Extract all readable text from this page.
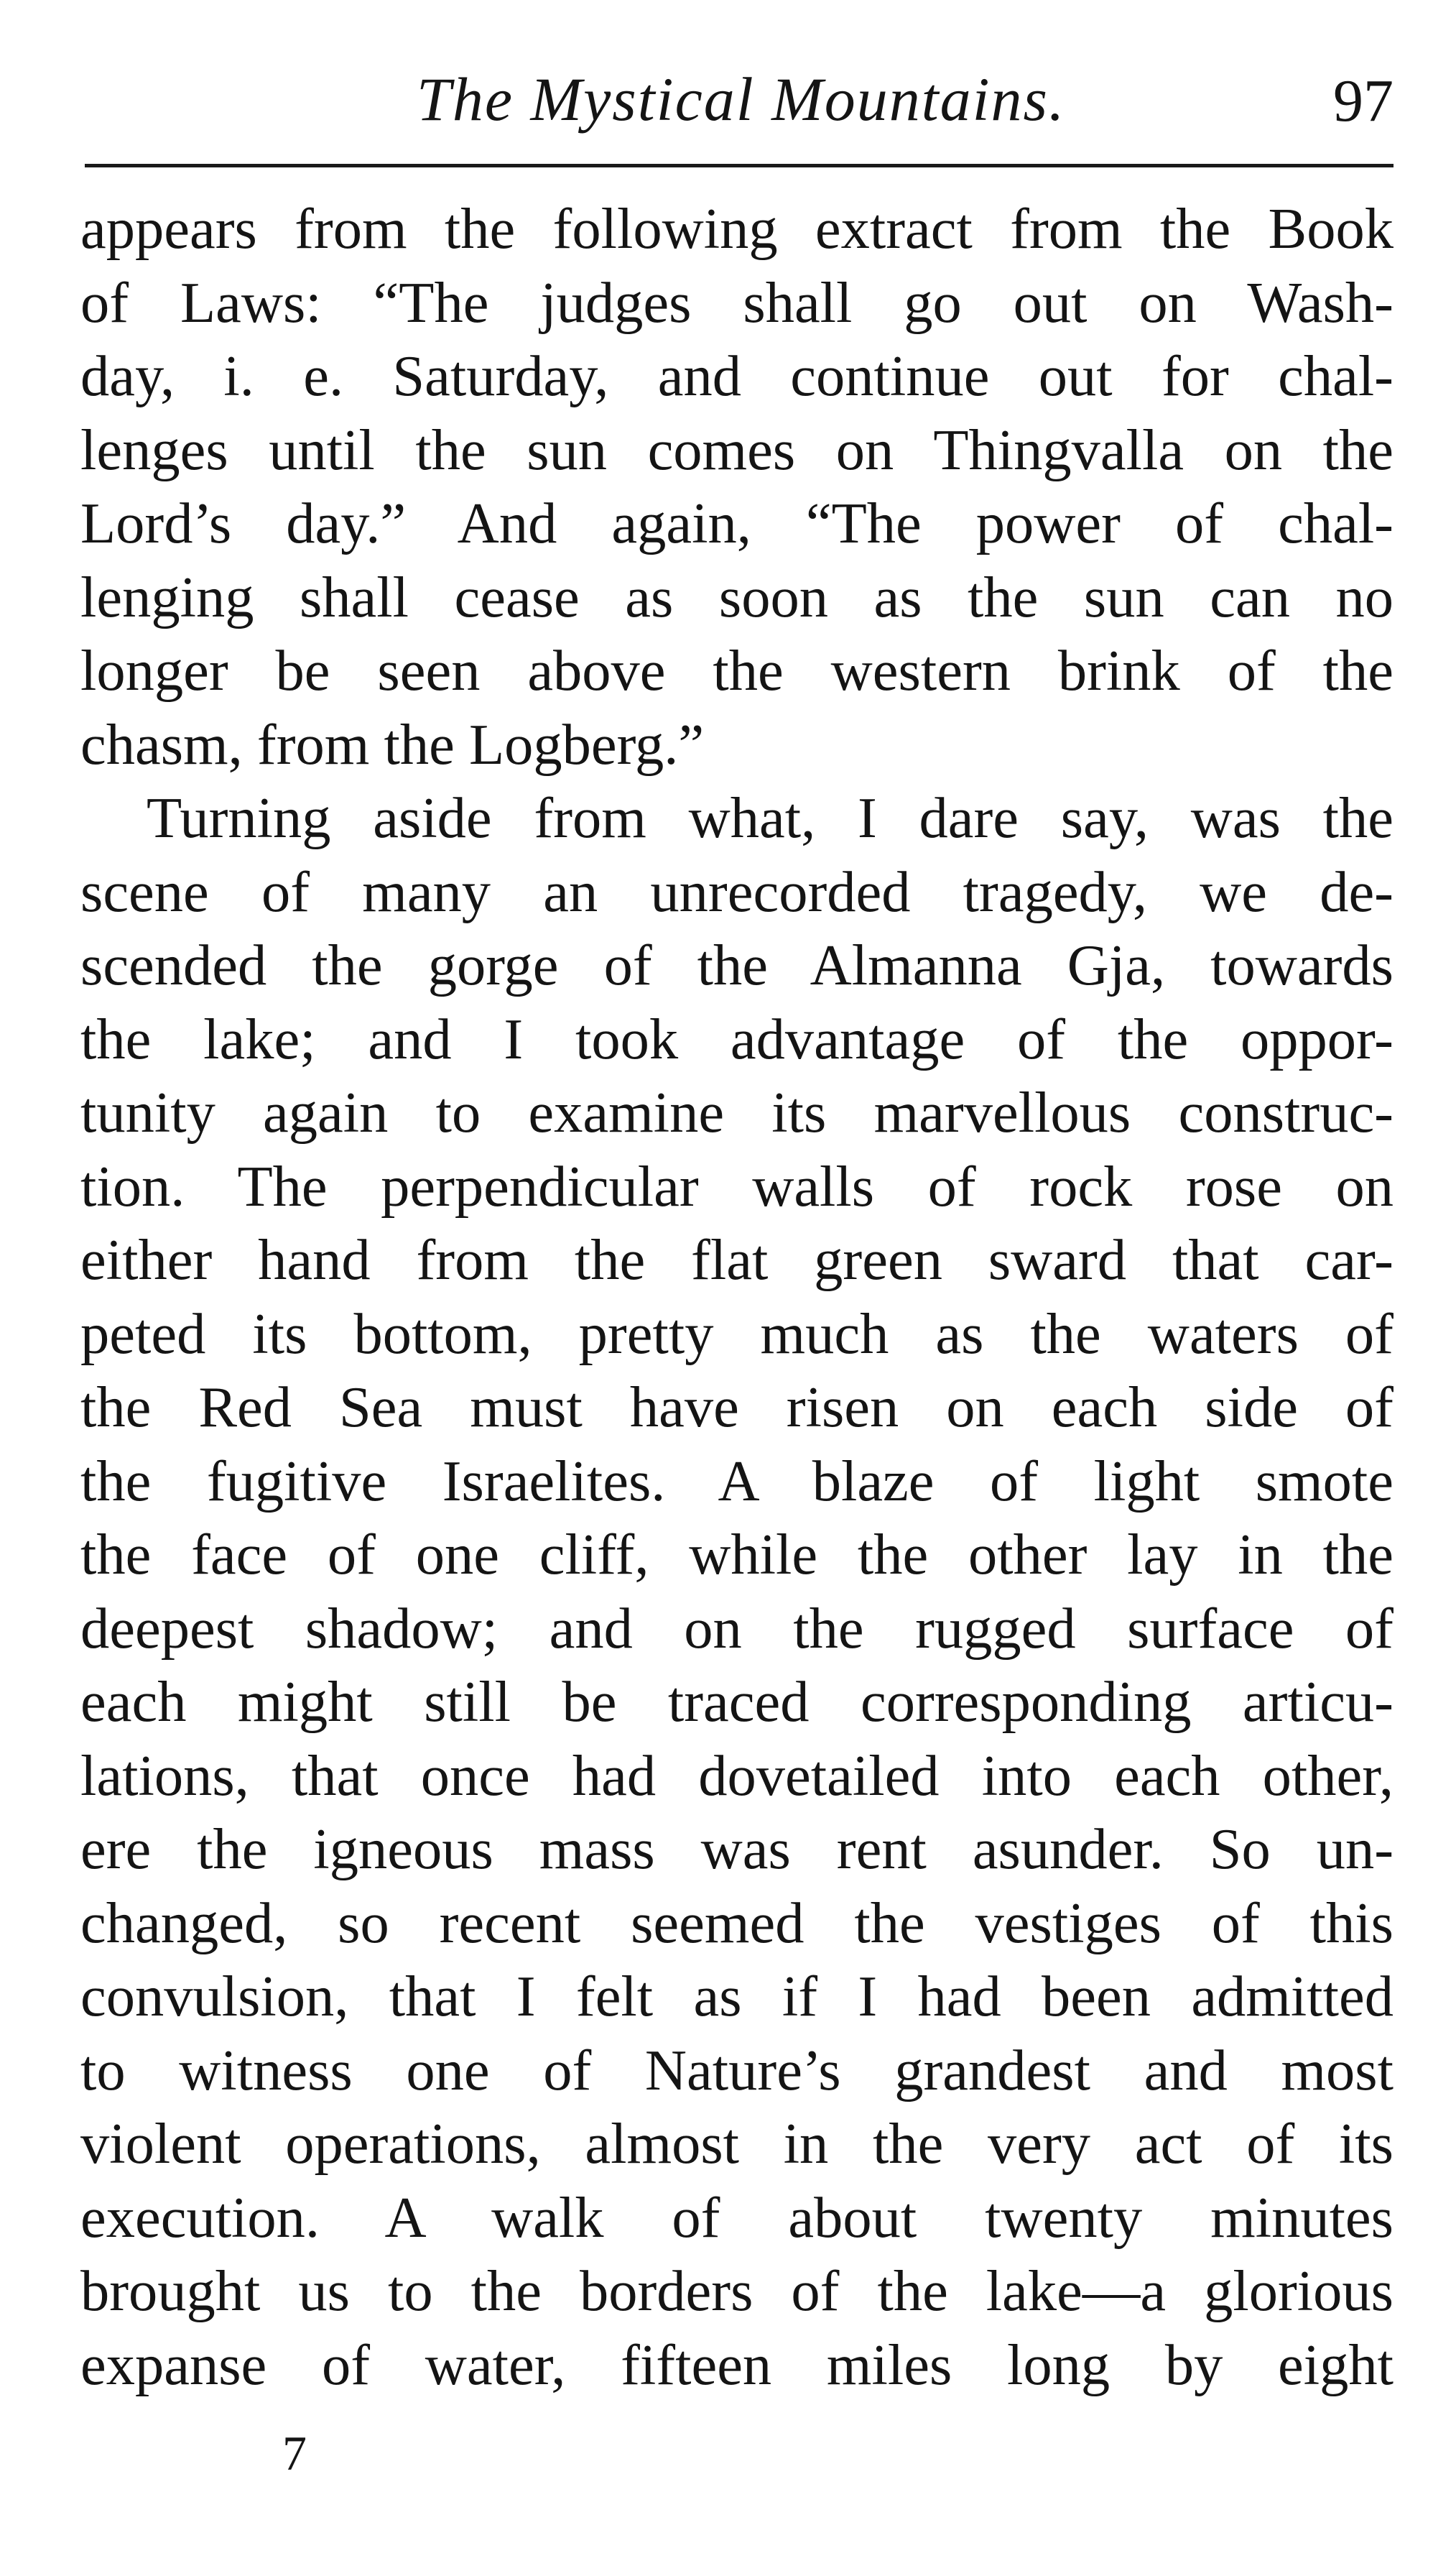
The Mystical Mountains.	97

appears from the following extract from the Book

of Laws: “The judges shall go out on Wash-

day, i. e. Saturday, and continue out for chal-

lenges until the sun comes on Thingvalla on the

Lord’s day.” And again, “The power of chal-

lenging shall cease as soon as the sun can no

longer be seen above the western brink of the

chasm, from the Logberg.”

Turning aside from what, I dare say, was the

scene of many an unrecorded tragedy, we de-

scended the gorge of the Almanna Gja, towards

the lake; and I took advantage of the oppor-

tunity again to examine its marvellous construc-

tion. The perpendicular walls of rock rose on

either hand from the flat green sward that car-

peted its bottom, pretty much as the waters of

the Red Sea must have risen on each side of

the fugitive Israelites. A blaze of light smote

the face of one cliff, while the other lay in the

deepest shadow; and on the rugged surface of

each might still be traced corresponding articu-

lations, that once had dovetailed into each other,

ere the igneous mass was rent asunder. So un-

changed, so recent seemed the vestiges of this

convulsion, that I felt as if I had been admitted

to witness one of Nature’s grandest and most

violent operations, almost in the very act of its

execution. A walk of about twenty minutes

brought us to the borders of the lake—a glorious

expanse of water, fifteen miles long by eight

7
